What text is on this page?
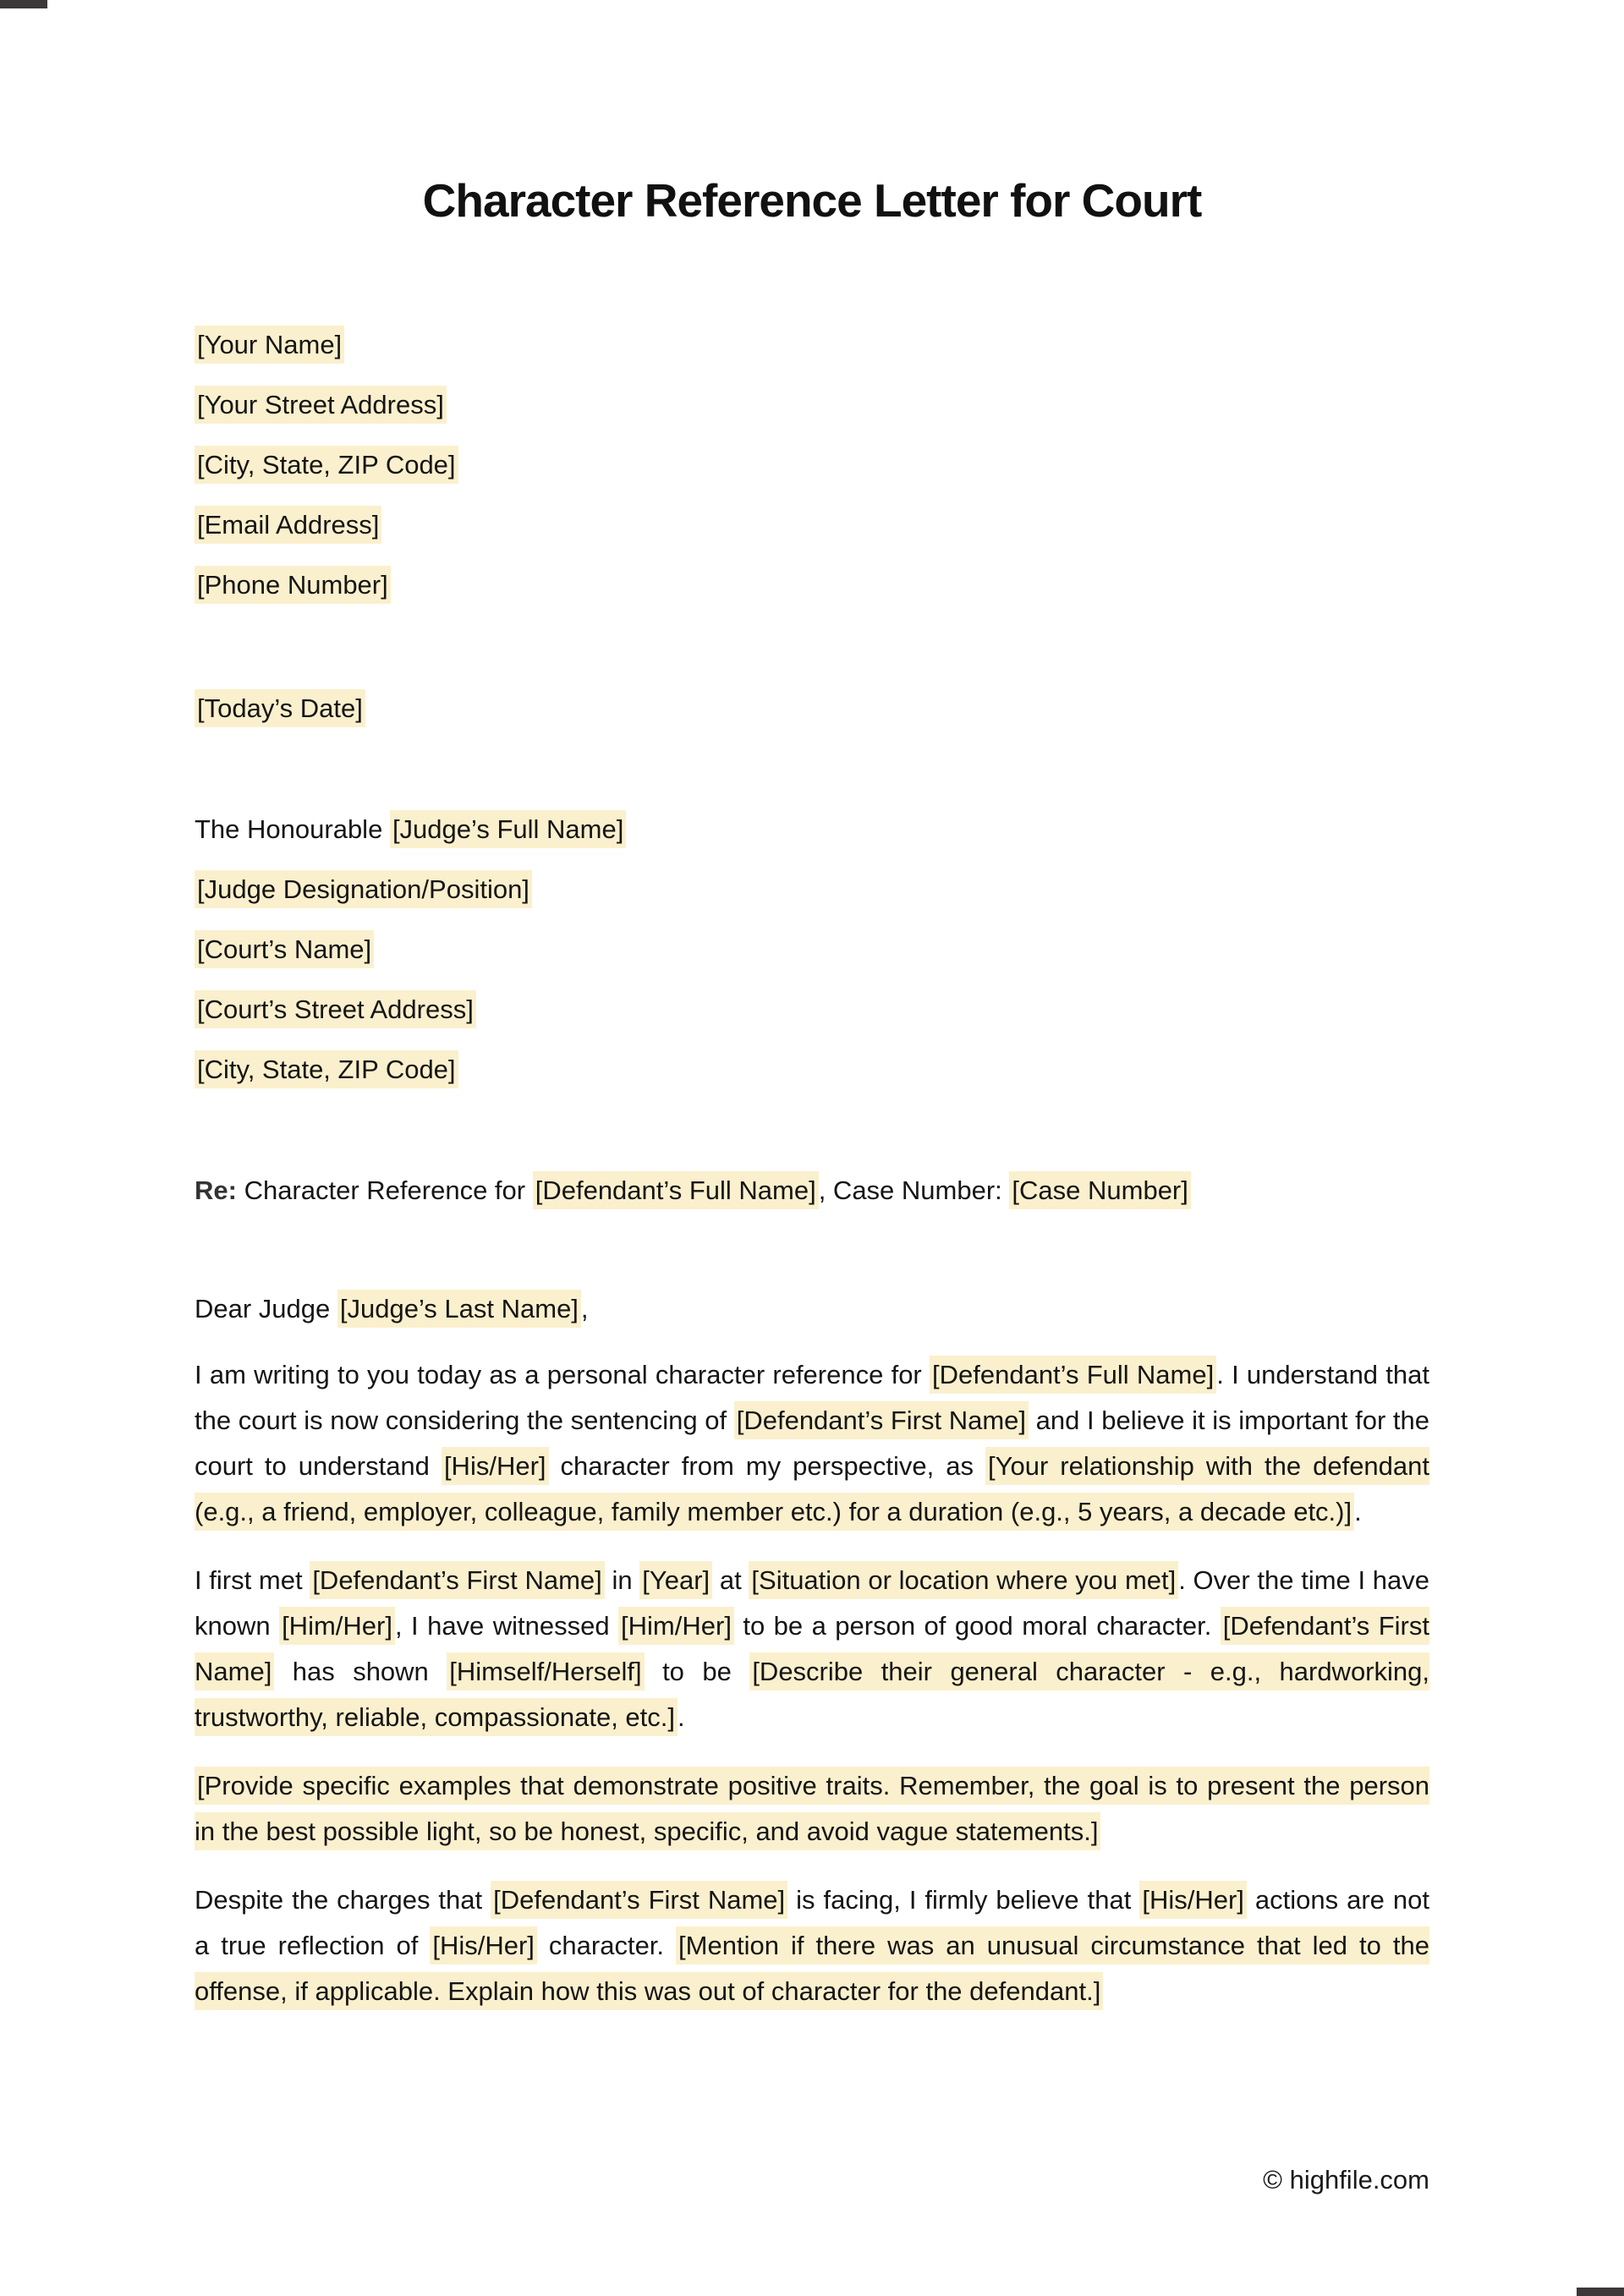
Character Reference Letter for Court
[Your Name]
[Your Street Address]
[City, State, ZIP Code]
[Email Address]
[Phone Number]
[Today’s Date]
The Honourable [Judge’s Full Name]
[Judge Designation/Position]
[Court’s Name]
[Court’s Street Address]
[City, State, ZIP Code]
Re: Character Reference for [Defendant’s Full Name], Case Number: [Case Number]
Dear Judge [Judge’s Last Name],

I am writing to you today as a personal character reference for [Defendant’s Full Name]. I understand that the court is now considering the sentencing of [Defendant’s First Name] and I believe it is important for the court to understand [His/Her] character from my perspective, as [Your relationship with the defendant (e.g., a friend, employer, colleague, family member etc.) for a duration (e.g., 5 years, a decade etc.)].

I first met [Defendant’s First Name] in [Year] at [Situation or location where you met]. Over the time I have known [Him/Her], I have witnessed [Him/Her] to be a person of good moral character. [Defendant’s First Name] has shown [Himself/Herself] to be [Describe their general character - e.g., hardworking, trustworthy, reliable, compassionate, etc.].

[Provide specific examples that demonstrate positive traits. Remember, the goal is to present the person in the best possible light, so be honest, specific, and avoid vague statements.]

Despite the charges that [Defendant’s First Name] is facing, I firmly believe that [His/Her] actions are not a true reflection of [His/Her] character. [Mention if there was an unusual circumstance that led to the offense, if applicable. Explain how this was out of character for the defendant.]

© highfile.com
